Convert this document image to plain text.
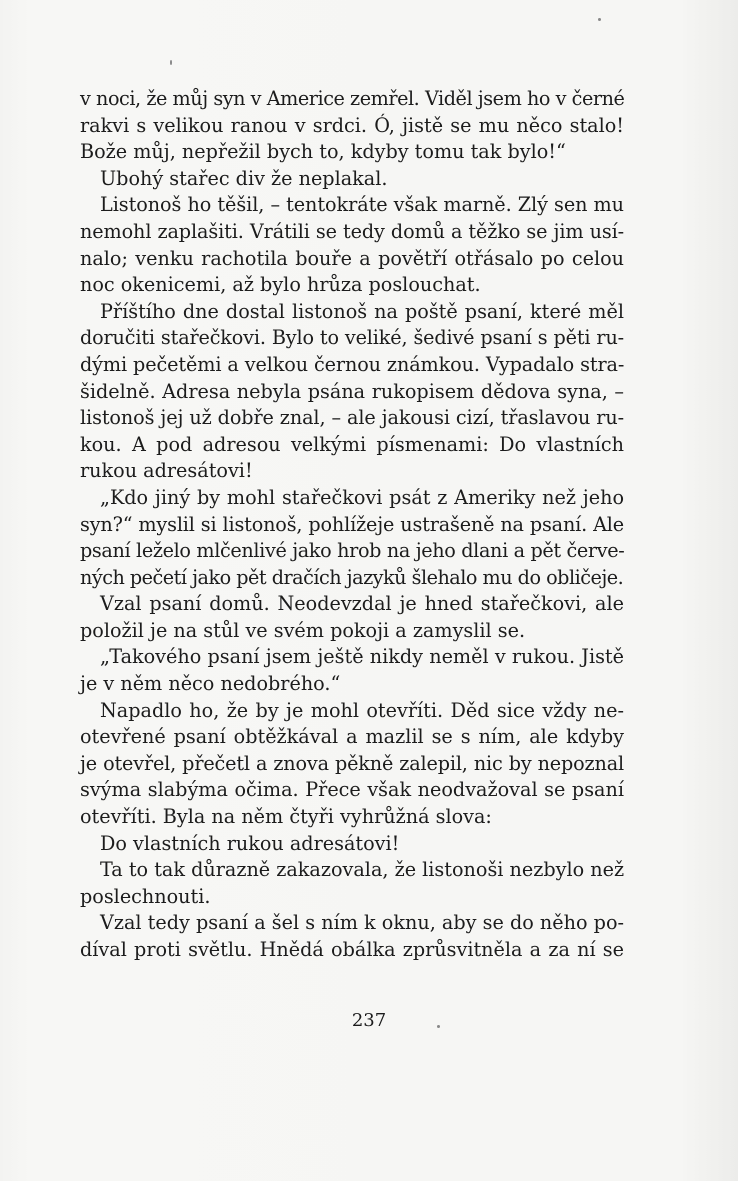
v noci, že můj syn v Americe zemřel. Viděl jsem ho v černé
rakvi s velikou ranou v srdci. Ó, jistě se mu něco stalo!
Bože můj, nepřežil bych to, kdyby tomu tak bylo!“
Ubohý stařec div že neplakal.
Listonoš ho těšil, – tentokráte však marně. Zlý sen mu
nemohl zaplašiti. Vrátili se tedy domů a těžko se jim usí-
nalo; venku rachotila bouře a povětří otřásalo po celou
noc okenicemi, až bylo hrůza poslouchat.
Příštího dne dostal listonoš na poště psaní, které měl
doručiti stařečkovi. Bylo to veliké, šedivé psaní s pěti ru-
dými pečetěmi a velkou černou známkou. Vypadalo stra-
šidelně. Adresa nebyla psána rukopisem dědova syna, –
listonoš jej už dobře znal, – ale jakousi cizí, třaslavou ru-
kou. A pod adresou velkými písmenami: Do vlastních
rukou adresátovi!
„Kdo jiný by mohl stařečkovi psát z Ameriky než jeho
syn?“ myslil si listonoš, pohlížeje ustrašeně na psaní. Ale
psaní leželo mlčenlivé jako hrob na jeho dlani a pět červe-
ných pečetí jako pět dračích jazyků šlehalo mu do obličeje.
Vzal psaní domů. Neodevzdal je hned stařečkovi, ale
položil je na stůl ve svém pokoji a zamyslil se.
„Takového psaní jsem ještě nikdy neměl v rukou. Jistě
je v něm něco nedobrého.“
Napadlo ho, že by je mohl otevříti. Děd sice vždy ne-
otevřené psaní obtěžkával a mazlil se s ním, ale kdyby
je otevřel, přečetl a znova pěkně zalepil, nic by nepoznal
svýma slabýma očima. Přece však neodvažoval se psaní
otevříti. Byla na něm čtyři vyhrůžná slova:
Do vlastních rukou adresátovi!
Ta to tak důrazně zakazovala, že listonoši nezbylo než
poslechnouti.
Vzal tedy psaní a šel s ním k oknu, aby se do něho po-
díval proti světlu. Hnědá obálka zprůsvitněla a za ní se
237
